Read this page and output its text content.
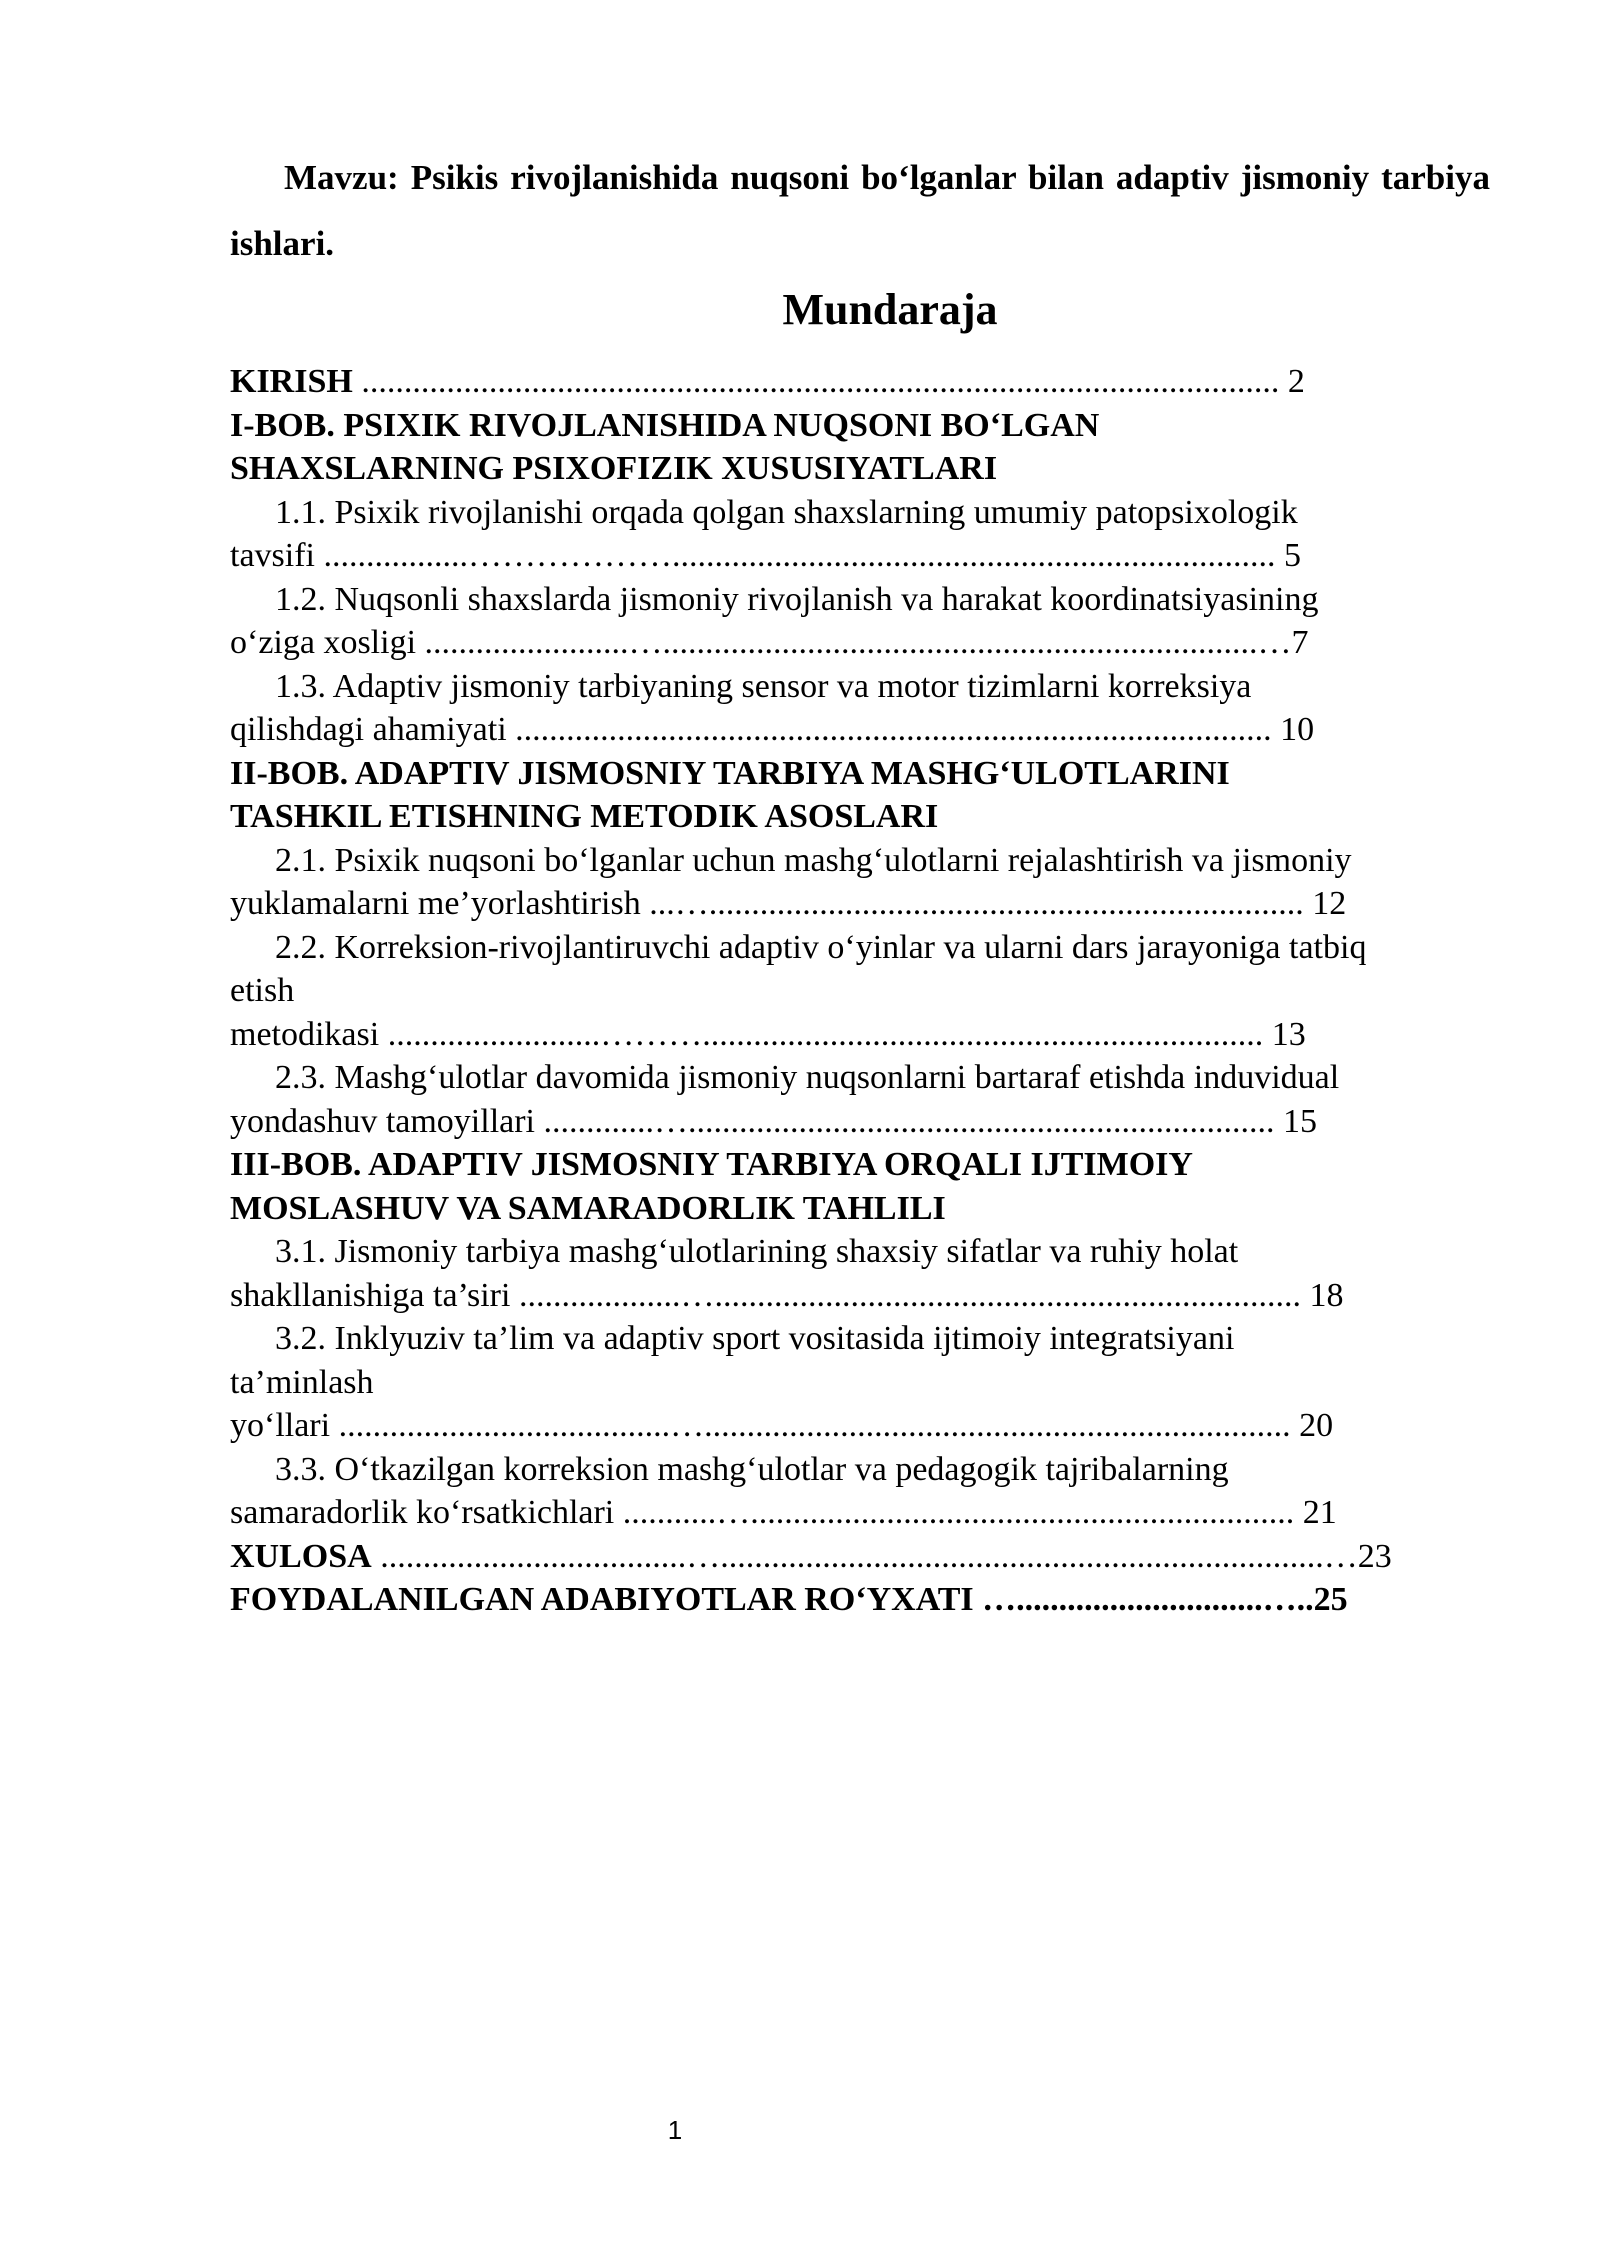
Mavzu: Psikis rivojlanishida nuqsoni bo‘lganlar bilan adaptiv jismoniy tarbiya ishlari.
Mundaraja
KIRISH ............................................................................................................ 2
I-BOB. PSIXIK RIVOJLANISHIDA NUQSONI BO‘LGAN
SHAXSLARNING PSIXOFIZIK XUSUSIYATLARI
1.1. Psixik rivojlanishi orqada qolgan shaxslarning umumiy patopsixologik
tavsifi .................………………....................................................................... 5
1.2. Nuqsonli shaxslarda jismoniy rivojlanish va harakat koordinatsiyasining
o‘ziga xosligi ........................…......................................................................…7
1.3. Adaptiv jismoniy tarbiyaning sensor va motor tizimlarni korreksiya
qilishdagi ahamiyati ......................................................................................... 10
II-BOB. ADAPTIV JISMOSNIY TARBIYA MASHG‘ULOTLARINI
TASHKIL ETISHNING METODIK ASOSLARI
2.1. Psixik nuqsoni bo‘lganlar uchun mashg‘ulotlarni rejalashtirish va jismoniy
yuklamalarni me’yorlashtirish ...…...................................................................... 12
2.2. Korreksion-rivojlantiruvchi adaptiv o‘yinlar va ularni dars jarayoniga tatbiq
etish
metodikasi .........................……….................................................................. 13
2.3. Mashg‘ulotlar davomida jismoniy nuqsonlarni bartaraf etishda induvidual
yondashuv tamoyillari .............…..................................................................... 15
III-BOB. ADAPTIV JISMOSNIY TARBIYA ORQALI IJTIMOIY
MOSLASHUV VA SAMARADORLIK TAHLILI
3.1. Jismoniy tarbiya mashg‘ulotlarining shaxsiy sifatlar va ruhiy holat
shakllanishiga ta’siri ...................…..................................................................... 18
3.2. Inklyuziv ta’lim va adaptiv sport vositasida ijtimoiy integratsiyani
ta’minlash
yo‘llari .......................................…..................................................................... 20
3.3. O‘tkazilgan korreksion mashg‘ulotlar va pedagogik tajribalarning
samaradorlik ko‘rsatkichlari ...........…................................................................ 21
XULOSA ....................................….......................................................................…23
FOYDALANILGAN ADABIYOTLAR RO‘YXATI ….............................…..25
1
